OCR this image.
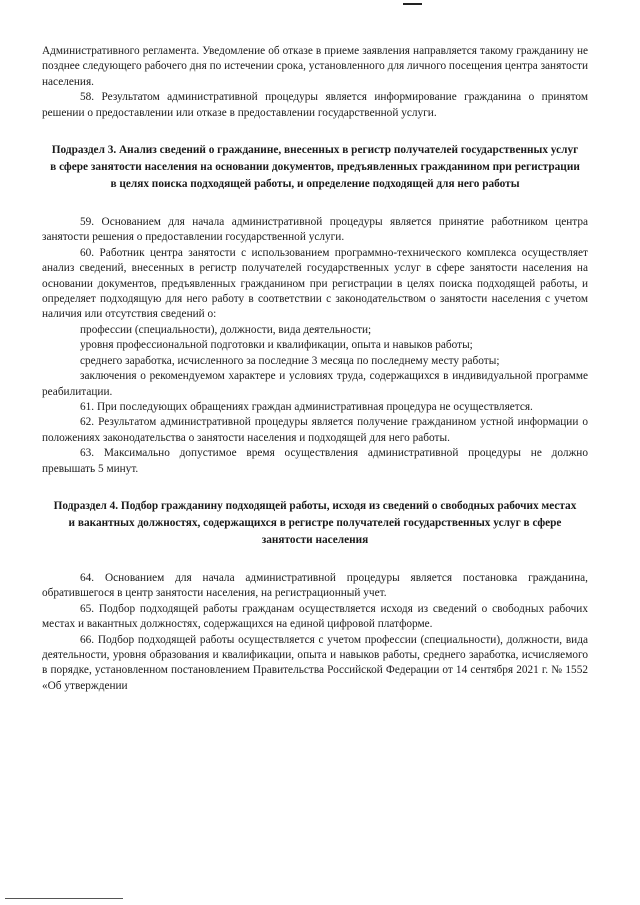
Административного регламента. Уведомление об отказе в приеме заявления направляется такому гражданину не позднее следующего рабочего дня по истечении срока, установленного для личного посещения центра занятости населения.

58. Результатом административной процедуры является информирование гражданина о принятом решении о предоставлении или отказе в предоставлении государственной услуги.

Подраздел 3. Анализ сведений о гражданине, внесенных в регистр получателей государственных услуг в сфере занятости населения на основании документов, предъявленных гражданином при регистрации в целях поиска подходящей работы, и определение подходящей для него работы

59. Основанием для начала административной процедуры является принятие работником центра занятости решения о предоставлении государственной услуги.

60. Работник центра занятости с использованием программно-технического комплекса осуществляет анализ сведений, внесенных в регистр получателей государственных услуг в сфере занятости населения на основании документов, предъявленных гражданином при регистрации в целях поиска подходящей работы, и определяет подходящую для него работу в соответствии с законодательством о занятости населения с учетом наличия или отсутствия сведений о:

профессии (специальности), должности, вида деятельности;

уровня профессиональной подготовки и квалификации, опыта и навыков работы;

среднего заработка, исчисленного за последние 3 месяца по последнему месту работы;

заключения о рекомендуемом характере и условиях труда, содержащихся в индивидуальной программе реабилитации.

61. При последующих обращениях граждан административная процедура не осуществляется.

62. Результатом административной процедуры является получение гражданином устной информации о положениях законодательства о занятости населения и подходящей для него работы.

63. Максимально допустимое время осуществления административной процедуры не должно превышать 5 минут.

Подраздел 4. Подбор гражданину подходящей работы, исходя из сведений о свободных рабочих местах и вакантных должностях, содержащихся в регистре получателей государственных услуг в сфере занятости населения

64. Основанием для начала административной процедуры является постановка гражданина, обратившегося в центр занятости населения, на регистрационный учет.

65. Подбор подходящей работы гражданам осуществляется исходя из сведений о свободных рабочих местах и вакантных должностях, содержащихся на единой цифровой платформе.

66. Подбор подходящей работы осуществляется с учетом профессии (специальности), должности, вида деятельности, уровня образования и квалификации, опыта и навыков работы, среднего заработка, исчисляемого в порядке, установленном постановлением Правительства Российской Федерации от 14 сентября 2021 г. № 1552 «Об утверждении
